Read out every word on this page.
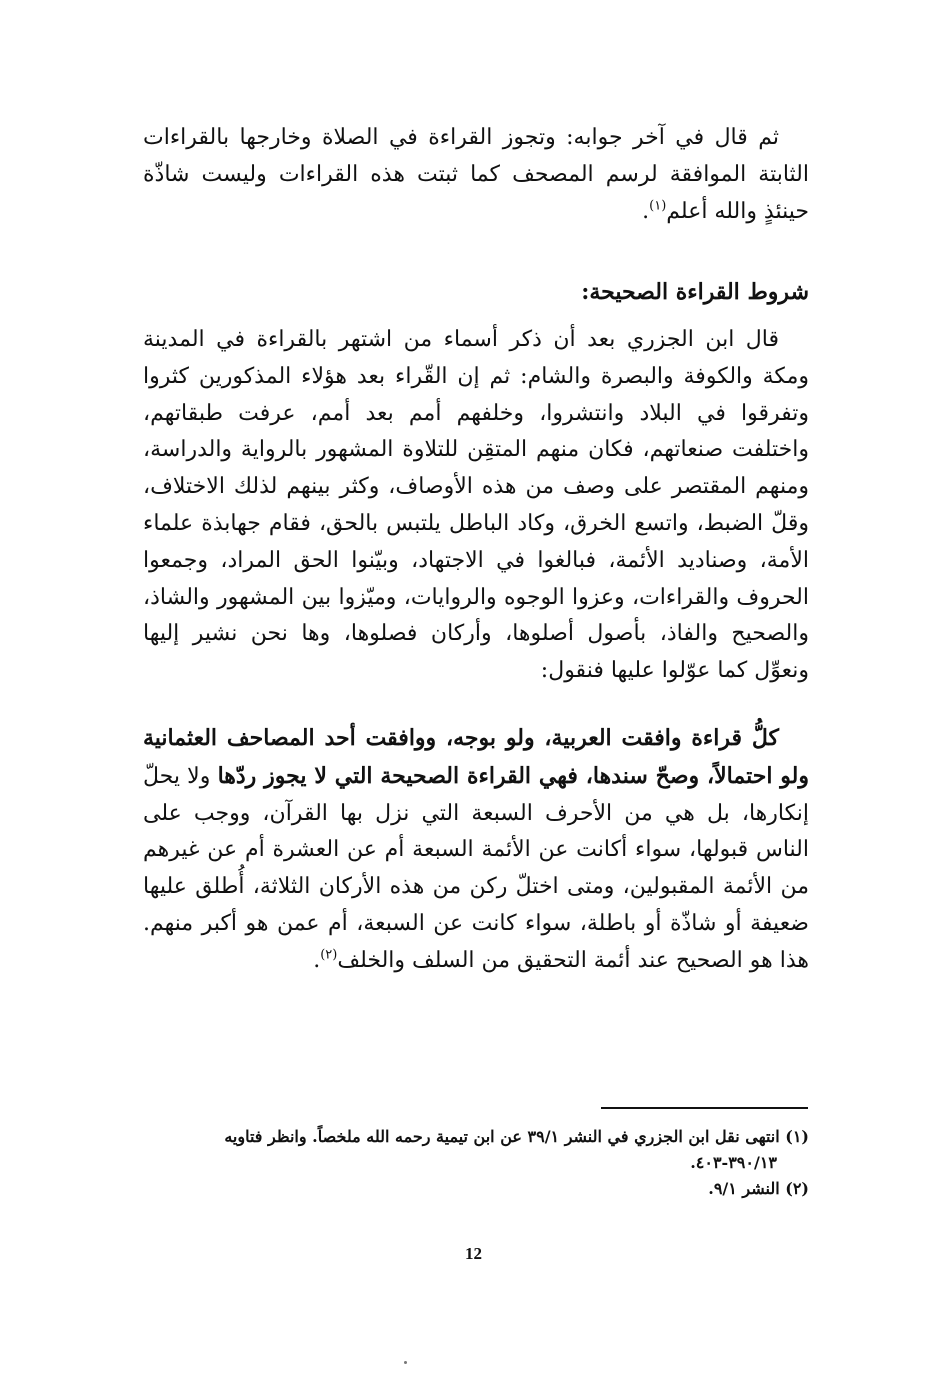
ثم قال في آخر جوابه: وتجوز القراءة في الصلاة وخارجها بالقراءات الثابتة الموافقة لرسم المصحف كما ثبتت هذه القراءات وليست شاذّة حينئذٍ والله أعلم$^{(١)}$.

شروط القراءة الصحيحة:

قال ابن الجزري بعد أن ذكر أسماء من اشتهر بالقراءة في المدينة ومكة والكوفة والبصرة والشام: ثم إن القّراء بعد هؤلاء المذكورين كثروا وتفرقوا في البلاد وانتشروا، وخلفهم أمم بعد أمم، عرفت طبقاتهم، واختلفت صنعاتهم، فكان منهم المتقِن للتلاوة المشهور بالرواية والدراسة، ومنهم المقتصر على وصف من هذه الأوصاف، وكثر بينهم لذلك الاختلاف، وقلّ الضبط، واتسع الخرق، وكاد الباطل يلتبس بالحق، فقام جهابذة علماء الأمة، وصناديد الأئمة، فبالغوا في الاجتهاد، وبيّنوا الحق المراد، وجمعوا الحروف والقراءات، وعزوا الوجوه والروايات، وميّزوا بين المشهور والشاذ، والصحيح والفاذ، بأصول أصلوها، وأركان فصلوها، وها نحن نشير إليها ونعوِّل كما عوّلوا عليها فنقول:

كلُّ قراءة وافقت العربية، ولو بوجه، ووافقت أحد المصاحف العثمانية ولو احتمالاً، وصحّ سندها، فهي القراءة الصحيحة التي لا يجوز ردّها ولا يحلّ إنكارها، بل هي من الأحرف السبعة التي نزل بها القرآن، ووجب على الناس قبولها، سواء أكانت عن الأئمة السبعة أم عن العشرة أم عن غيرهم من الأئمة المقبولين، ومتى اختلّ ركن من هذه الأركان الثلاثة، أُطلق عليها ضعيفة أو شاذّة أو باطلة، سواء كانت عن السبعة، أم عمن هو أكبر منهم. هذا هو الصحيح عند أئمة التحقيق من السلف والخلف$^{(٢)}$.

(١) انتهى نقل ابن الجزري في النشر ٣٩/١ عن ابن تيمية رحمه الله ملخصاً. وانظر فتاويه

٣٩٠/١٣-٤٠٣.

(٢) النشر ٩/١.

12
